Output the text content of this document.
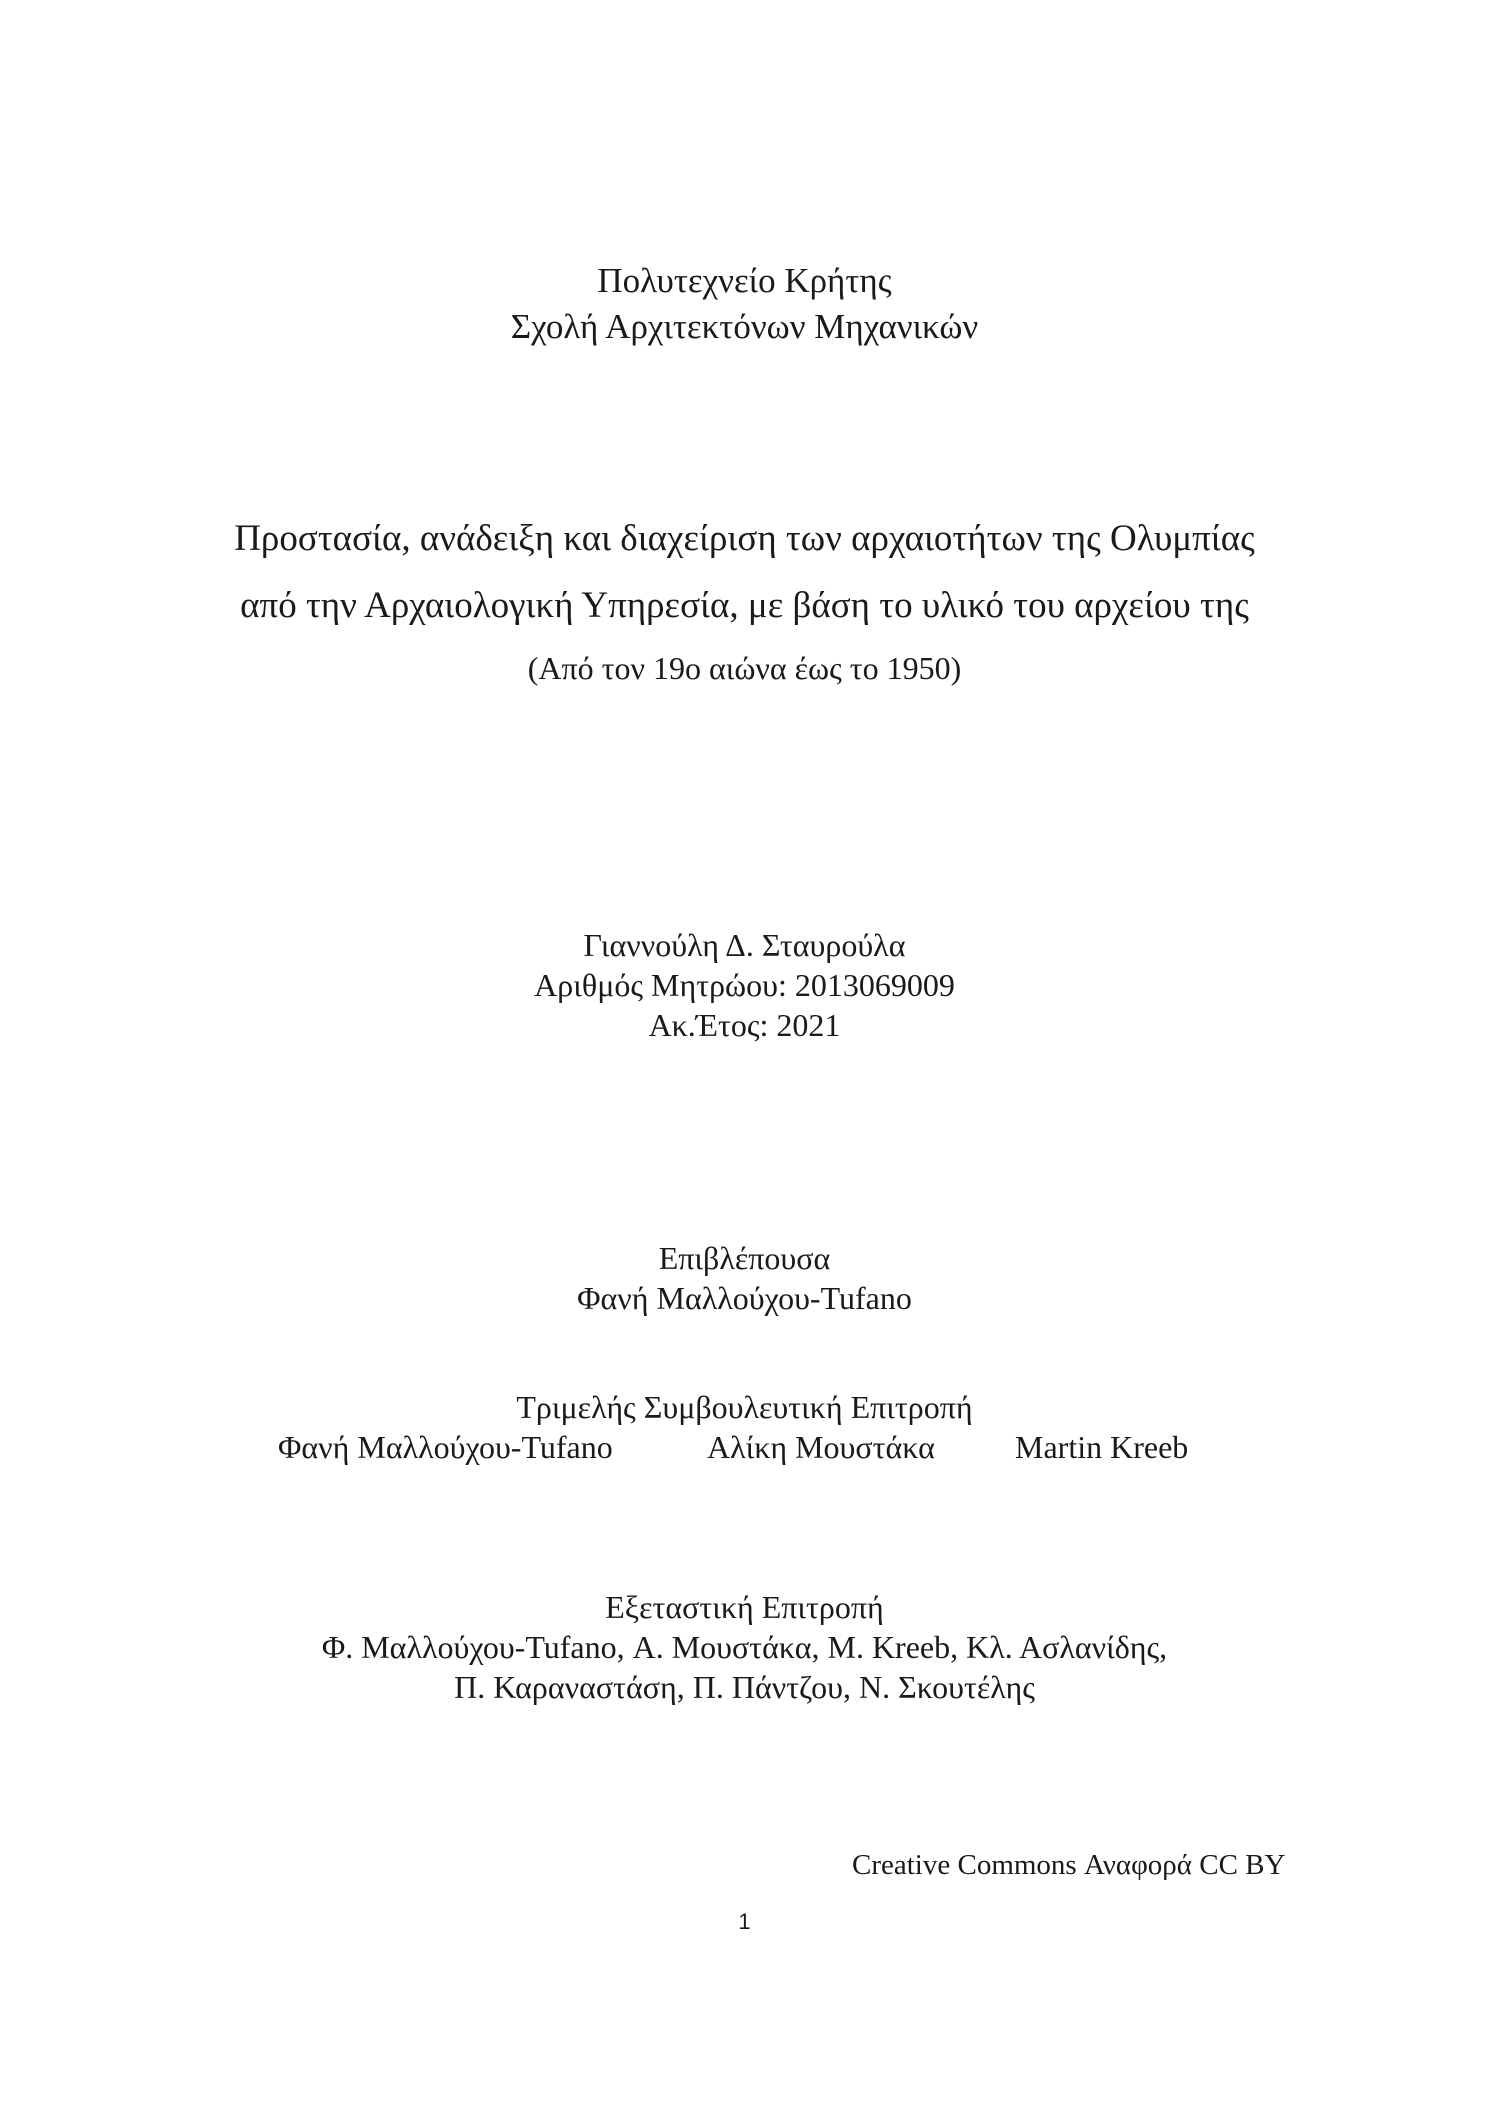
Πολυτεχνείο Κρήτης
Σχολή Αρχιτεκτόνων Μηχανικών
Προστασία, ανάδειξη και διαχείριση των αρχαιοτήτων της Ολυμπίας
από την Αρχαιολογική Υπηρεσία, με βάση το υλικό του αρχείου της
(Από τον 19ο αιώνα έως το 1950)
Γιαννούλη Δ. Σταυρούλα
Αριθμός Μητρώου: 2013069009
Ακ.Έτος: 2021
Επιβλέπουσα
Φανή Μαλλούχου-Tufano
Τριμελής Συμβουλευτική Επιτροπή
Φανή Μαλλούχου-Tufano	Αλίκη Μουστάκα	Martin Kreeb
Εξεταστική Επιτροπή
Φ. Μαλλούχου-Tufano, Α. Μουστάκα, Μ. Kreeb, Κλ. Ασλανίδης,
Π. Καραναστάση, Π. Πάντζου, Ν. Σκουτέλης
Creative Commons Αναφορά CC BY
1
